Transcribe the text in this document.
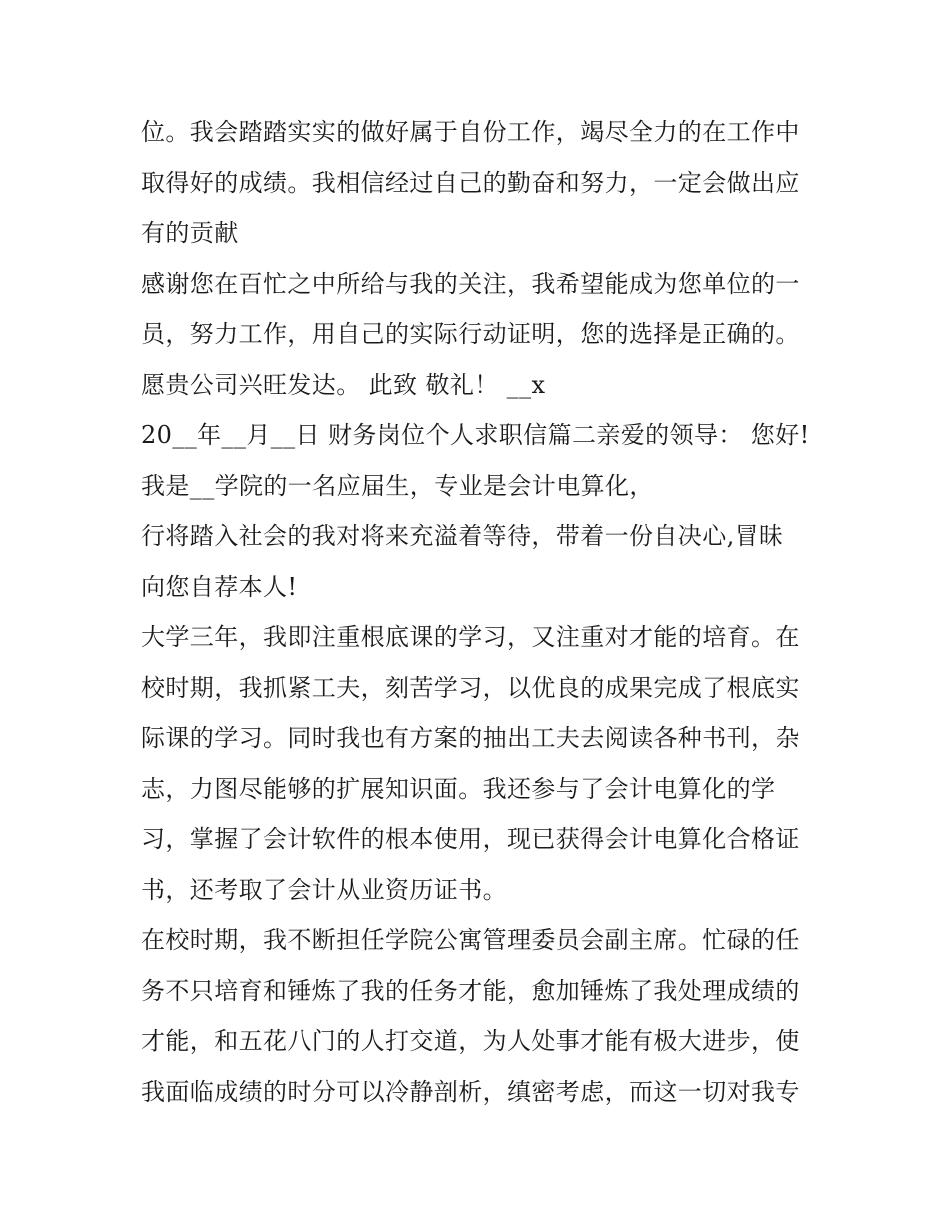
位。我会踏踏实实的做好属于自份工作，竭尽全力的在工作中
取得好的成绩。我相信经过自己的勤奋和努力，一定会做出应
有的贡献
感谢您在百忙之中所给与我的关注，我希望能成为您单位的一
员，努力工作，用自己的实际行动证明，您的选择是正确的。
愿贵公司兴旺发达。 此致 敬礼！ __x
20__年__月__日 财务岗位个人求职信篇二亲爱的领导： 您好!
我是__学院的一名应届生，专业是会计电算化，
行将踏入社会的我对将来充溢着等待，带着一份自决心,冒昧
向您自荐本人!
大学三年，我即注重根底课的学习，又注重对才能的培育。在
校时期，我抓紧工夫，刻苦学习，以优良的成果完成了根底实
际课的学习。同时我也有方案的抽出工夫去阅读各种书刊，杂
志，力图尽能够的扩展知识面。我还参与了会计电算化的学
习，掌握了会计软件的根本使用，现已获得会计电算化合格证
书，还考取了会计从业资历证书。
在校时期，我不断担任学院公寓管理委员会副主席。忙碌的任
务不只培育和锤炼了我的任务才能，愈加锤炼了我处理成绩的
才能，和五花八门的人打交道，为人处事才能有极大进步，使
我面临成绩的时分可以冷静剖析，缜密考虑，而这一切对我专
